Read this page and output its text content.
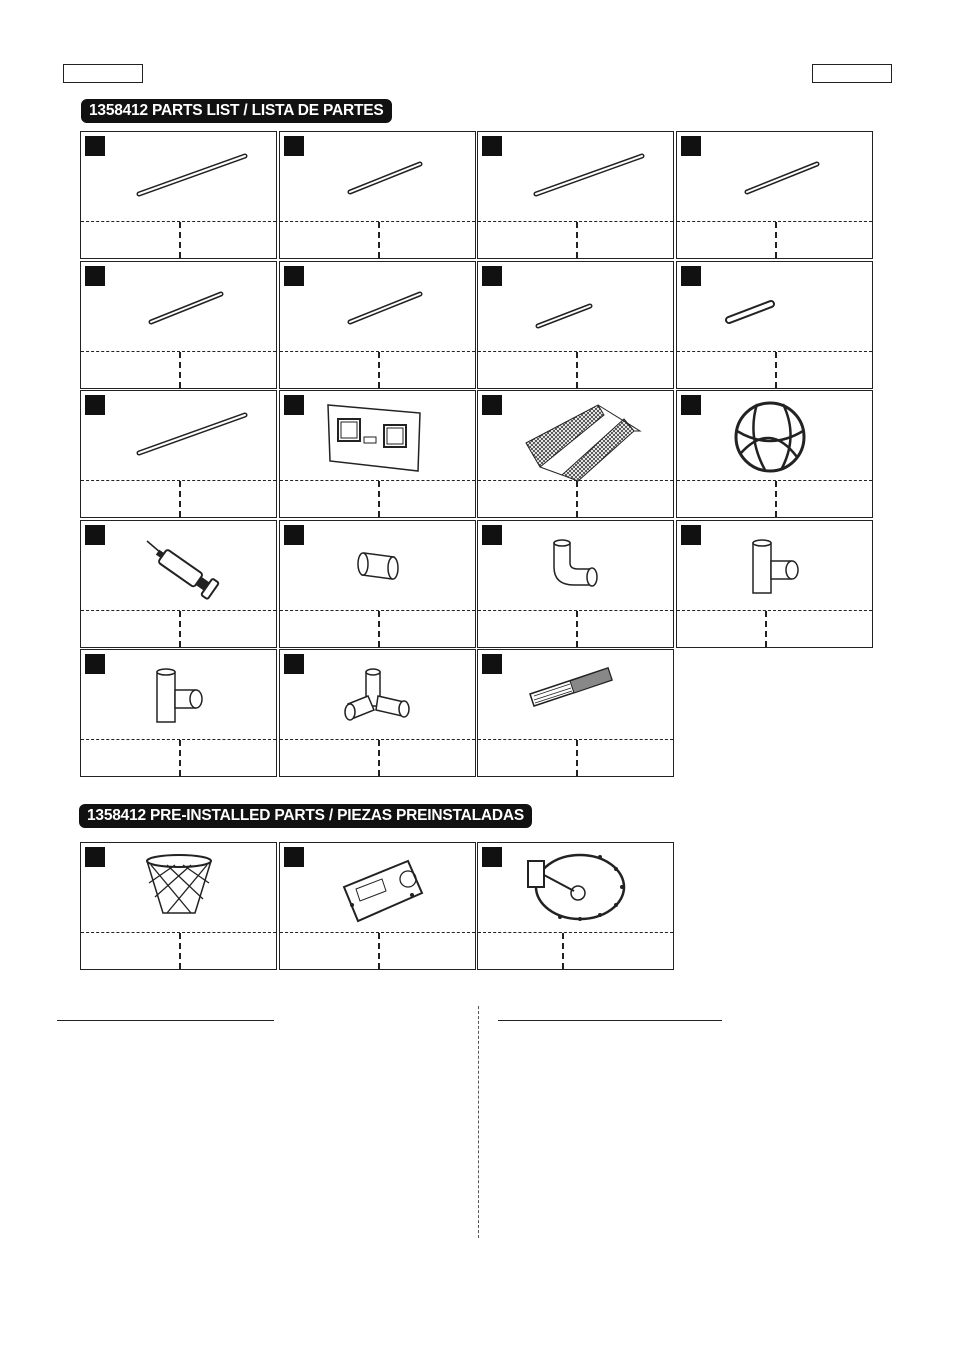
1358412 PARTS LIST / LISTA DE PARTES
1358412 PRE-INSTALLED PARTS / PIEZAS PREINSTALADAS
